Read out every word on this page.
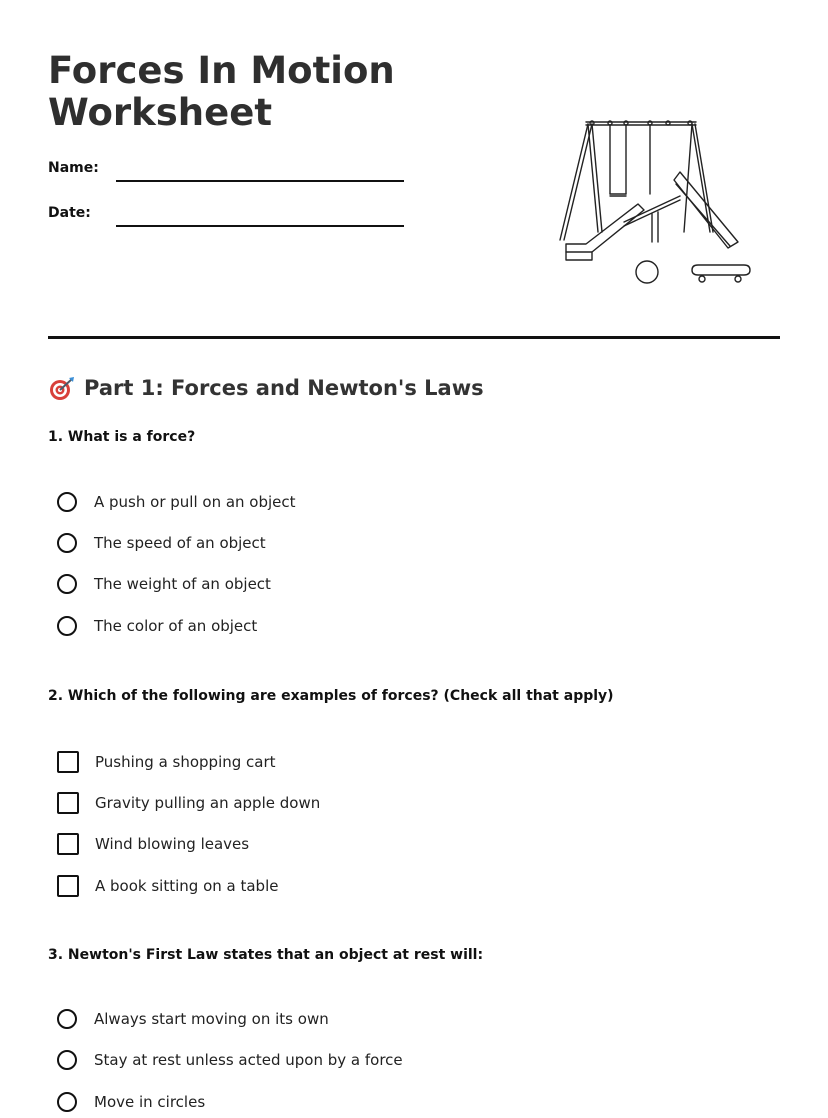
Forces In Motion Worksheet
Name:
Date:
Part 1: Forces and Newton's Laws

1. What is a force?

A push or pull on an object
The speed of an object
The weight of an object
The color of an object

2. Which of the following are examples of forces? (Check all that apply)

Pushing a shopping cart
Gravity pulling an apple down
Wind blowing leaves
A book sitting on a table

3. Newton's First Law states that an object at rest will:

Always start moving on its own
Stay at rest unless acted upon by a force
Move in circles
